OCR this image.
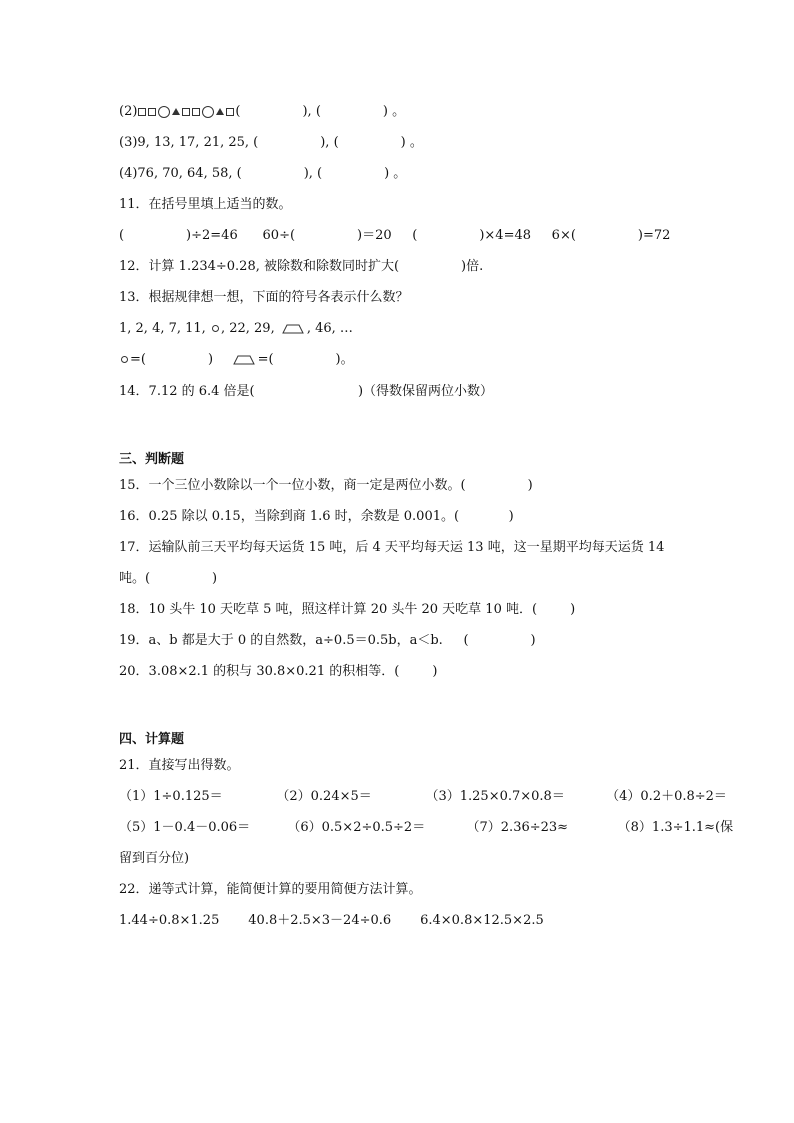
(2)	(               ), (               ) 。
(3)9, 13, 17, 21, 25, (               ), (               ) 。
(4)76, 70, 64, 58, (               ), (               ) 。
11．在括号里填上适当的数。
(               )÷2=46      60÷(               )＝20     (               )×4=48     6×(               )=72
12．计算 1.234÷0.28, 被除数和除数同时扩大(               )倍.
13．根据规律想一想，下面的符号各表示什么数？
1, 2, 4, 7, 11, , 22, 29, , 46, …
=(               )    =(               )。
14．7.12 的 6.4 倍是(                         )（得数保留两位小数）
三、判断题
15．一个三位小数除以一个一位小数，商一定是两位小数。(               )
16．0.25 除以 0.15，当除到商 1.6 时，余数是 0.001。(            )
17．运输队前三天平均每天运货 15 吨，后 4 天平均每天运 13 吨，这一星期平均每天运货 14
吨。(               )
18．10 头牛 10 天吃草 5 吨，照这样计算 20 头牛 20 天吃草 10 吨．(        )
19．a、b 都是大于 0 的自然数，a÷0.5＝0.5b，a＜b.     (               )
20．3.08×2.1 的积与 30.8×0.21 的积相等．(        )
四、计算题
21．直接写出得数。
（1）1÷0.125＝             （2）0.24×5＝             （3）1.25×0.7×0.8＝          （4）0.2＋0.8÷2＝
（5）1－0.4－0.06＝         （6）0.5×2÷0.5÷2＝          （7）2.36÷23≈            （8）1.3÷1.1≈(保
留到百分位)
22．递等式计算，能简便计算的要用简便方法计算。
1.44÷0.8×1.25       40.8＋2.5×3－24÷0.6       6.4×0.8×12.5×2.5
